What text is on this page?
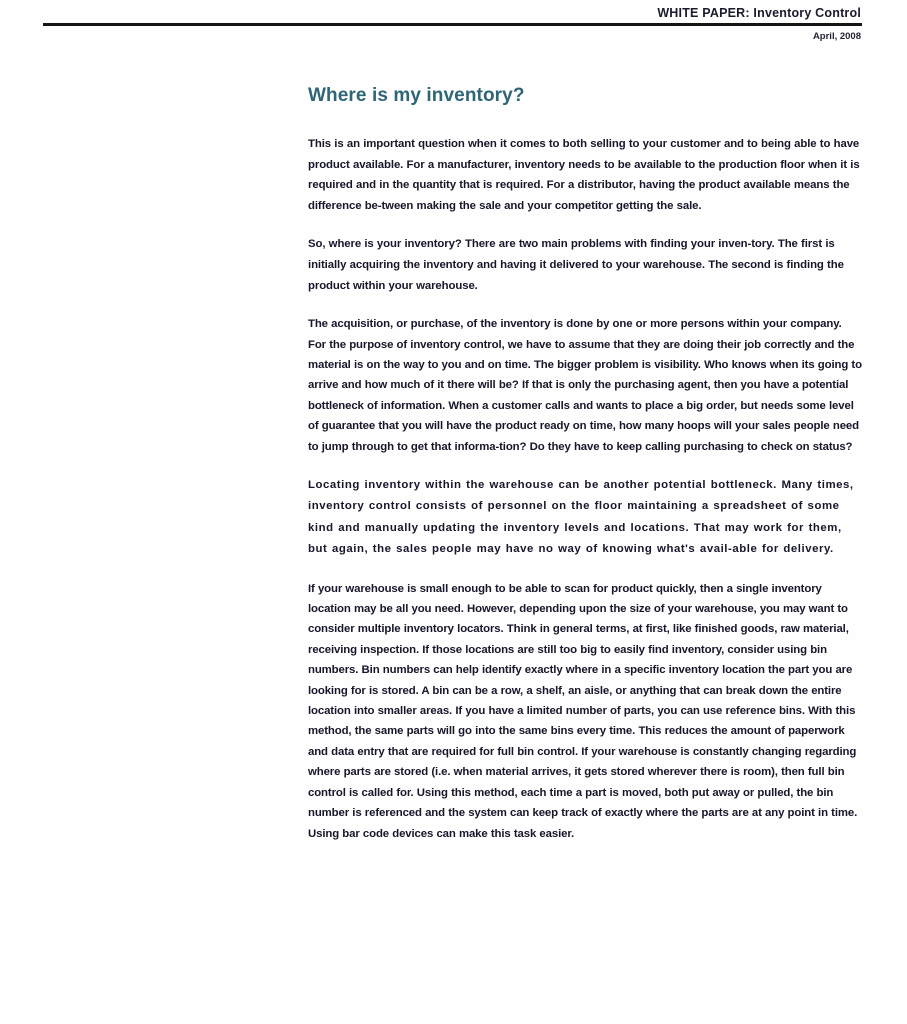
WHITE PAPER: Inventory Control
April, 2008
Where is my inventory?

This is an important question when it comes to both selling to your customer and to being able to have product available. For a manufacturer, inventory needs to be available to the production floor when it is required and in the quantity that is required. For a distributor, having the product available means the difference be-tween making the sale and your competitor getting the sale.

So, where is your inventory? There are two main problems with finding your inven-tory. The first is initially acquiring the inventory and having it delivered to your warehouse. The second is finding the product within your warehouse.

The acquisition, or purchase, of the inventory is done by one or more persons within your company. For the purpose of inventory control, we have to assume that they are doing their job correctly and the material is on the way to you and on time. The bigger problem is visibility. Who knows when its going to arrive and how much of it there will be? If that is only the purchasing agent, then you have a potential bottleneck of information. When a customer calls and wants to place a big order, but needs some level of guarantee that you will have the product ready on time, how many hoops will your sales people need to jump through to get that informa-tion? Do they have to keep calling purchasing to check on status?

Locating inventory within the warehouse can be another potential bottleneck. Many times, inventory control consists of personnel on the floor maintaining a spreadsheet of some kind and manually updating the inventory levels and locations. That may work for them, but again, the sales people may have no way of knowing what's avail-able for delivery.

If your warehouse is small enough to be able to scan for product quickly, then a single inventory location may be all you need. However, depending upon the size of your warehouse, you may want to consider multiple inventory locators. Think in general terms, at first, like finished goods, raw material, receiving inspection. If those locations are still too big to easily find inventory, consider using bin numbers. Bin numbers can help identify exactly where in a specific inventory location the part you are looking for is stored. A bin can be a row, a shelf, an aisle, or anything that can break down the entire location into smaller areas. If you have a limited number of parts, you can use reference bins. With this method, the same parts will go into the same bins every time. This reduces the amount of paperwork and data entry that are required for full bin control. If your warehouse is constantly changing regarding where parts are stored (i.e. when material arrives, it gets stored wherever there is room), then full bin control is called for. Using this method, each time a part is moved, both put away or pulled, the bin number is referenced and the system can keep track of exactly where the parts are at any point in time. Using bar code devices can make this task easier.
